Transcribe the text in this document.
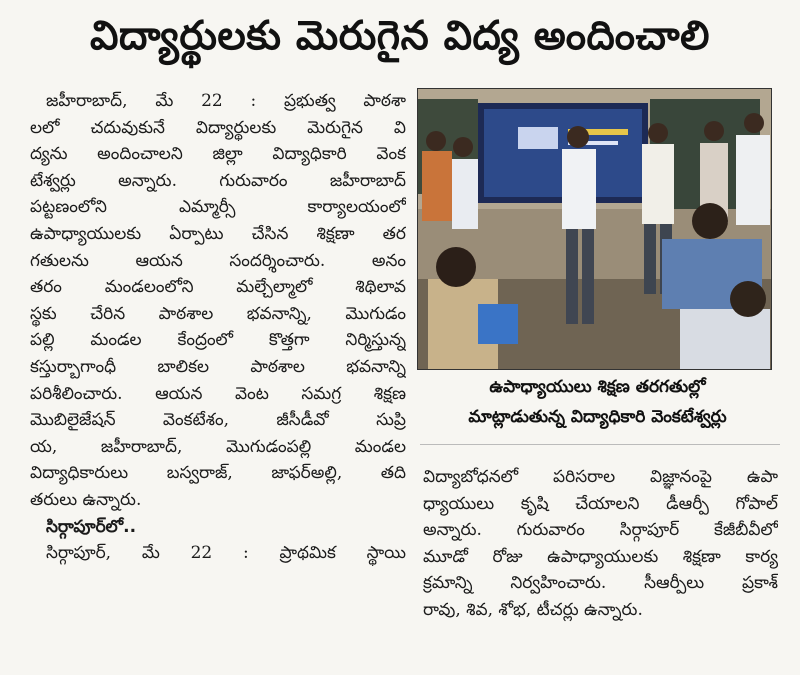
విద్యార్థులకు మెరుగైన విద్య అందించాలి
జహీరాబాద్, మే 22 : ప్రభుత్వ పాఠశా
లలో చదువుకునే విద్యార్థులకు మెరుగైన వి
ద్యను అందించాలని జిల్లా విద్యాధికారి వెంక
టేశ్వర్లు అన్నారు. గురువారం జహీరాబాద్
పట్టణంలోని ఎమ్మార్సీ కార్యాలయంలో
ఉపాధ్యాయులకు ఏర్పాటు చేసిన శిక్షణా తర
గతులను ఆయన సందర్శించారు. అనం
తరం మండలంలోని మల్చేల్మాలో శిథిలావ
స్థకు చేరిన పాఠశాల భవనాన్ని, మొగుడం
పల్లి మండల కేంద్రంలో కొత్తగా నిర్మిస్తున్న
కస్తుర్బాగాంధీ బాలికల పాఠశాల భవనాన్ని
పరిశీలించారు. ఆయన వెంట సమగ్ర శిక్షణ
మొబిలైజేషన్ వెంకటేశం, జీసీడీవో సుప్రి
య, జహీరాబాద్, మొగుడంపల్లి మండల
విద్యాధికారులు బస్వరాజ్, జాఫర్అల్లి, తది
తరులు ఉన్నారు.
సిర్గాపూర్‌లో..
సిర్గాపూర్, మే 22 : ప్రాథమిక స్థాయి
ఉపాధ్యాయులు శిక్షణ తరగతుల్లో
మాట్లాడుతున్న విద్యాధికారి వెంకటేశ్వర్లు
విద్యాబోధనలో పరిసరాల విజ్ఞానంపై ఉపా
ధ్యాయులు కృషి చేయాలని డీఆర్పీ గోపాల్
అన్నారు. గురువారం సిర్గాపూర్ కేజీబీవీలో
మూడో రోజు ఉపాధ్యాయులకు శిక్షణా కార్య
క్రమాన్ని నిర్వహించారు. సీఆర్పీలు ప్రకాశ్
రావు, శివ, శోభ, టీచర్లు ఉన్నారు.
